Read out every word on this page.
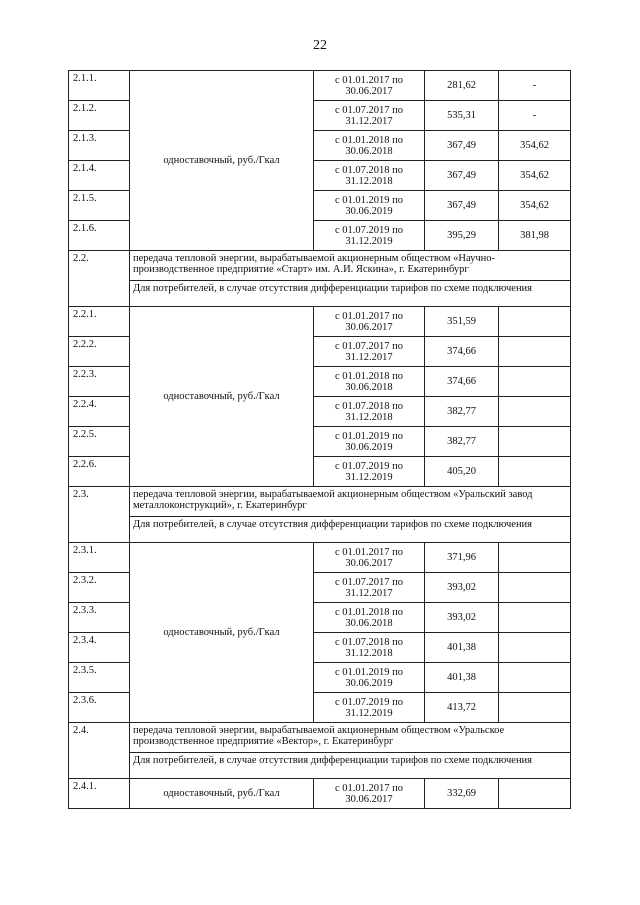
22
2.1.1.	одноставочный, руб./Гкал	с 01.01.2017 по
30.06.2017	281,62	-
2.1.2.		с 01.07.2017 по
31.12.2017	535,31	-
2.1.3.		с 01.01.2018 по
30.06.2018	367,49	354,62
2.1.4.		с 01.07.2018 по
31.12.2018	367,49	354,62
2.1.5.		с 01.01.2019 по
30.06.2019	367,49	354,62
2.1.6.		с 01.07.2019 по
31.12.2019	395,29	381,98
2.2.	передача тепловой энергии, вырабатываемой акционерным обществом «Научно-производственное предприятие «Старт» им. А.И. Яскина», г. Екатеринбург			
	Для потребителей, в случае отсутствия дифференциации тарифов по схеме подключения			
2.2.1.	одноставочный, руб./Гкал	с 01.01.2017 по
30.06.2017	351,59	
2.2.2.		с 01.07.2017 по
31.12.2017	374,66	
2.2.3.		с 01.01.2018 по
30.06.2018	374,66	
2.2.4.		с 01.07.2018 по
31.12.2018	382,77	
2.2.5.		с 01.01.2019 по
30.06.2019	382,77	
2.2.6.		с 01.07.2019 по
31.12.2019	405,20	
2.3.	передача тепловой энергии, вырабатываемой акционерным обществом «Уральский завод металлоконструкций», г. Екатеринбург			
	Для потребителей, в случае отсутствия дифференциации тарифов по схеме подключения			
2.3.1.	одноставочный, руб./Гкал	с 01.01.2017 по
30.06.2017	371,96	
2.3.2.		с 01.07.2017 по
31.12.2017	393,02	
2.3.3.		с 01.01.2018 по
30.06.2018	393,02	
2.3.4.		с 01.07.2018 по
31.12.2018	401,38	
2.3.5.		с 01.01.2019 по
30.06.2019	401,38	
2.3.6.		с 01.07.2019 по
31.12.2019	413,72	
2.4.	передача тепловой энергии, вырабатываемой акционерным обществом «Уральское производственное предприятие «Вектор», г. Екатеринбург			
	Для потребителей, в случае отсутствия дифференциации тарифов по схеме подключения			
2.4.1.	одноставочный, руб./Гкал	с 01.01.2017 по
30.06.2017	332,69	
